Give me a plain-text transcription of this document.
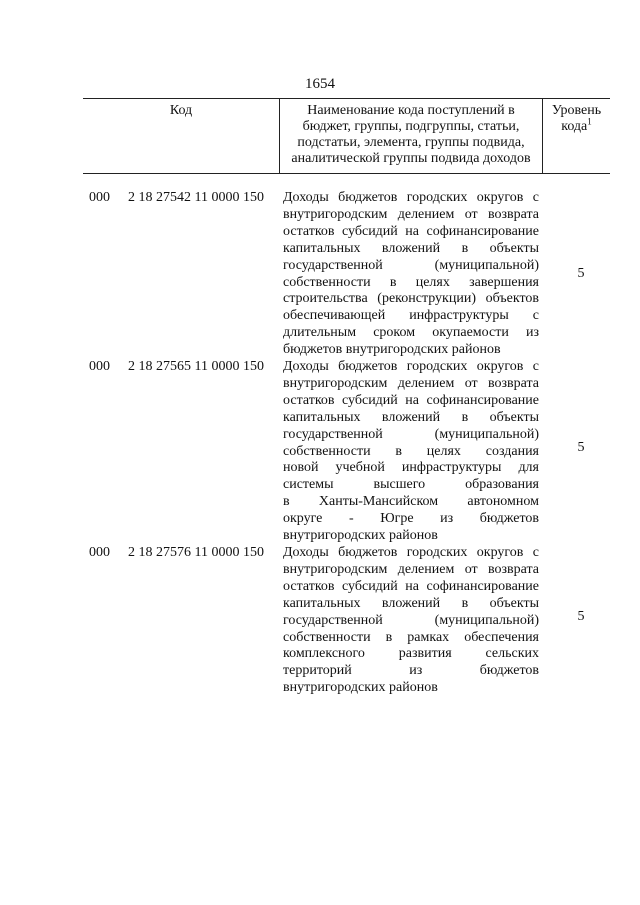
1654
Код	Наименование кода поступлений в
бюджет, группы, подгруппы, статьи,
подстатьи, элемента, группы подвида,
аналитической группы подвида доходов
Уровень
кода$^1$
000 2 18 27542 11 0000 150 Доходы бюджетов городских округов с
внутригородским делением от возврата
остатков субсидий на софинансирование
капитальных вложений в объекты
государственной (муниципальной)
собственности в целях завершения
строительства (реконструкции) объектов
обеспечивающей инфраструктуры с
длительным сроком окупаемости из
бюджетов внутригородских районов
5
000 2 18 27565 11 0000 150 Доходы бюджетов городских округов с
внутригородским делением от возврата
остатков субсидий на софинансирование
капитальных вложений в объекты
государственной (муниципальной)
собственности в целях создания
новой учебной инфраструктуры для
системы высшего образования
в Ханты-Мансийском автономном
округе - Югре из бюджетов
внутригородских районов
5
000 2 18 27576 11 0000 150 Доходы бюджетов городских округов с
внутригородским делением от возврата
остатков субсидий на софинансирование
капитальных вложений в объекты
государственной (муниципальной)
собственности в рамках обеспечения
комплексного развития сельских
территорий из бюджетов
внутригородских районов
5
